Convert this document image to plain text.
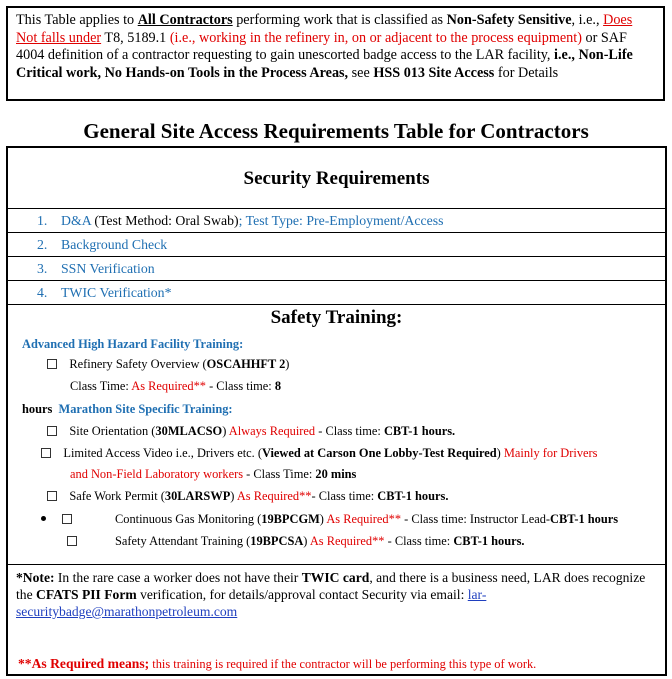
This Table applies to All Contractors performing work that is classified as Non-Safety Sensitive, i.e., Does Not falls under T8, 5189.1 (i.e., working in the refinery in, on or adjacent to the process equipment) or SAF 4004 definition of a contractor requesting to gain unescorted badge access to the LAR facility, i.e., Non-Life Critical work, No Hands-on Tools in the Process Areas, see HSS 013 Site Access for Details
General Site Access Requirements Table for Contractors
Security Requirements
1. D&A (Test Method: Oral Swab); Test Type: Pre-Employment/Access
2. Background Check
3. SSN Verification
4. TWIC Verification*
Safety Training:
Advanced High Hazard Facility Training:
Refinery Safety Overview (OSCAHHFT 2)
Class Time: As Required** - Class time: 8
hours Marathon Site Specific Training:
Site Orientation (30MLACSO) Always Required - Class time: CBT-1 hours.
Limited Access Video i.e., Drivers etc. (Viewed at Carson One Lobby-Test Required) Mainly for Drivers
and Non-Field Laboratory workers - Class Time: 20 mins
Safe Work Permit (30LARSWP) As Required**- Class time: CBT-1 hours.

Continuous Gas Monitoring (19BPCGM) As Required** - Class time: Instructor Lead-CBT-1 hours
Safety Attendant Training (19BPCSA) As Required** - Class time: CBT-1 hours.
*Note: In the rare case a worker does not have their TWIC card, and there is a business need, LAR does recognize the CFATS PII Form verification, for details/approval contact Security via email: lar-securitybadge@marathonpetroleum.com
**As Required means; this training is required if the contractor will be performing this type of work.
